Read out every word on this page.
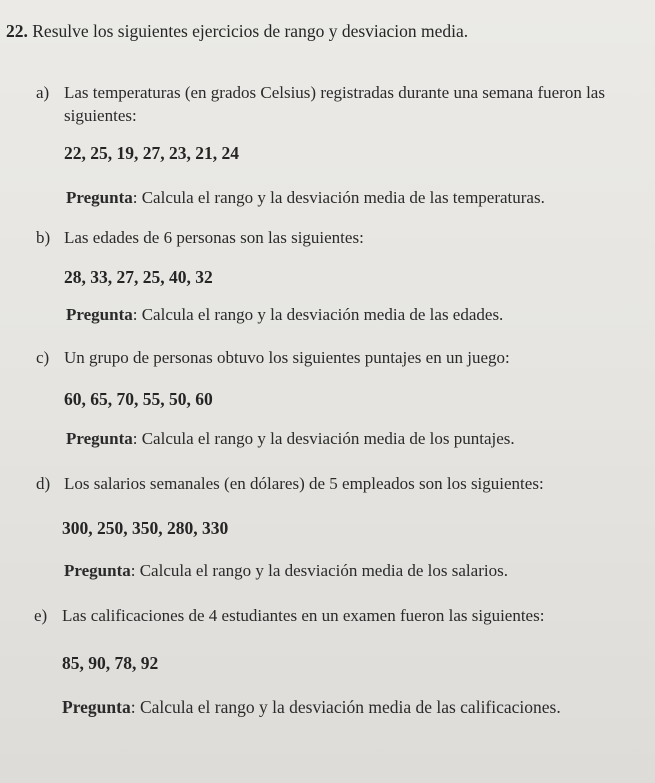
22. Resulve los siguientes ejercicios de rango y desviacion media.
a) Las temperaturas (en grados Celsius) registradas durante una semana fueron las
siguientes:
22, 25, 19, 27, 23, 21, 24
Pregunta: Calcula el rango y la desviación media de las temperaturas.
b) Las edades de 6 personas son las siguientes:
28, 33, 27, 25, 40, 32
Pregunta: Calcula el rango y la desviación media de las edades.
c) Un grupo de personas obtuvo los siguientes puntajes en un juego:
60, 65, 70, 55, 50, 60
Pregunta: Calcula el rango y la desviación media de los puntajes.
d) Los salarios semanales (en dólares) de 5 empleados son los siguientes:
300, 250, 350, 280, 330
Pregunta: Calcula el rango y la desviación media de los salarios.
e) Las calificaciones de 4 estudiantes en un examen fueron las siguientes:
85, 90, 78, 92
Pregunta: Calcula el rango y la desviación media de las calificaciones.
